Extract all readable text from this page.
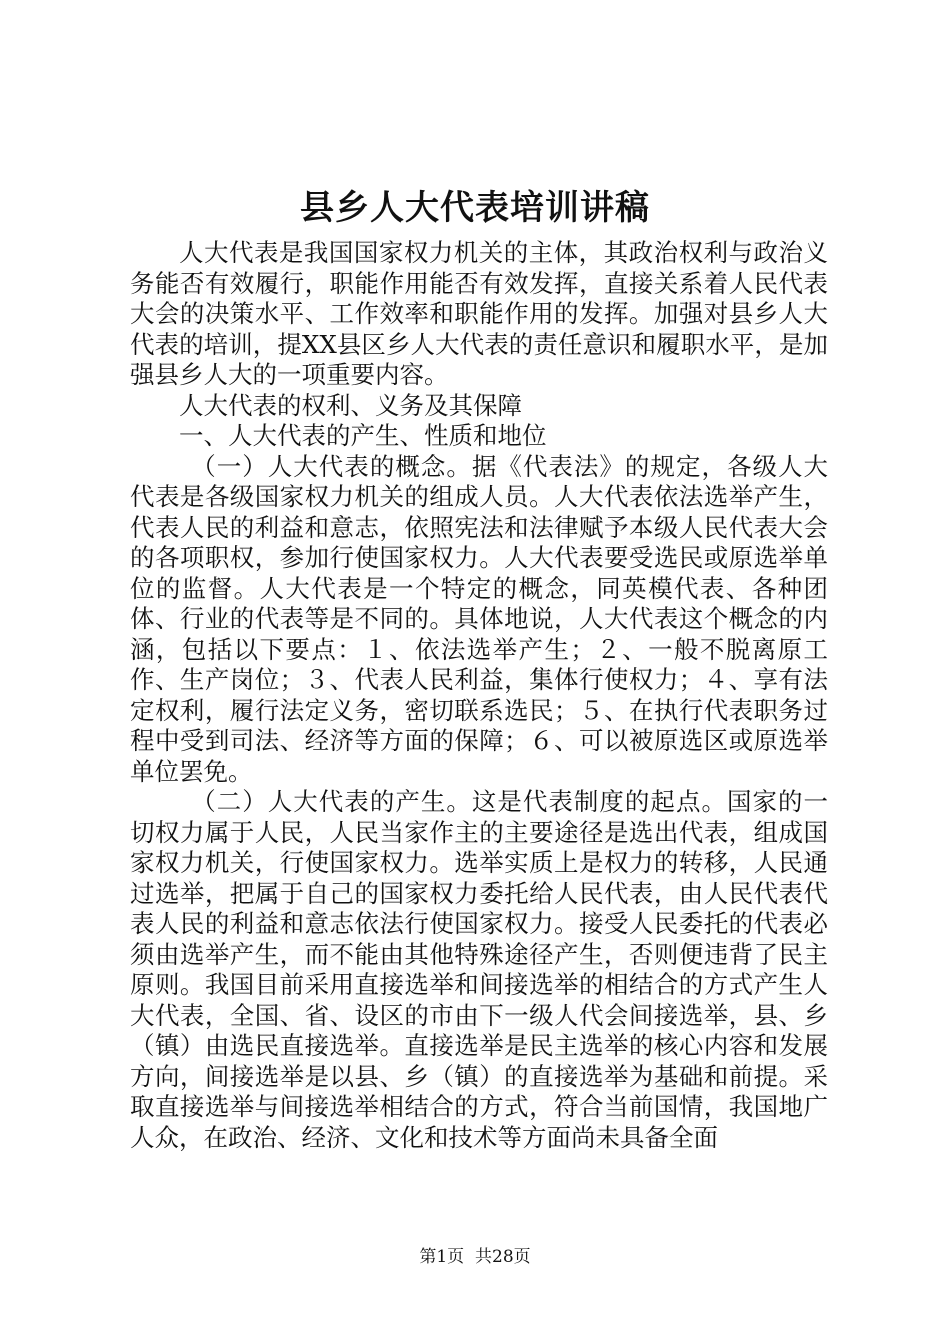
县乡人大代表培训讲稿

人大代表是我国国家权力机关的主体，其政治权利与政治义务能否有效履行，职能作用能否有效发挥，直接关系着人民代表大会的决策水平、工作效率和职能作用的发挥。加强对县乡人大代表的培训，提XX县区乡人大代表的责任意识和履职水平，是加强县乡人大的一项重要内容。

人大代表的权利、义务及其保障

一、人大代表的产生、性质和地位

（一）人大代表的概念。据《代表法》的规定，各级人大代表是各级国家权力机关的组成人员。人大代表依法选举产生，代表人民的利益和意志，依照宪法和法律赋予本级人民代表大会的各项职权，参加行使国家权力。人大代表要受选民或原选举单位的监督。人大代表是一个特定的概念，同英模代表、各种团体、行业的代表等是不同的。具体地说，人大代表这个概念的内涵，包括以下要点：１、依法选举产生；２、一般不脱离原工作、生产岗位；３、代表人民利益，集体行使权力；４、享有法定权利，履行法定义务，密切联系选民；５、在执行代表职务过程中受到司法、经济等方面的保障；６、可以被原选区或原选举单位罢免。

（二）人大代表的产生。这是代表制度的起点。国家的一切权力属于人民，人民当家作主的主要途径是选出代表，组成国家权力机关，行使国家权力。选举实质上是权力的转移，人民通过选举，把属于自己的国家权力委托给人民代表，由人民代表代表人民的利益和意志依法行使国家权力。接受人民委托的代表必须由选举产生，而不能由其他特殊途径产生，否则便违背了民主原则。我国目前采用直接选举和间接选举的相结合的方式产生人大代表，全国、省、设区的市由下一级人代会间接选举，县、乡（镇）由选民直接选举。直接选举是民主选举的核心内容和发展方向，间接选举是以县、乡（镇）的直接选举为基础和前提。采取直接选举与间接选举相结合的方式，符合当前国情，我国地广人众，在政治、经济、文化和技术等方面尚未具备全面

第1页 共28页
